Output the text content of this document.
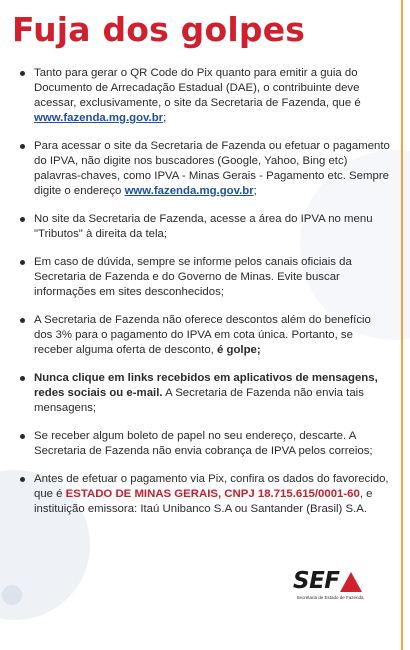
Fuja dos golpes
Tanto para gerar o QR Code do Pix quanto para emitir a guia do Documento de Arrecadação Estadual (DAE), o contribuinte deve acessar, exclusivamente, o site da Secretaria de Fazenda, que é www.fazenda.mg.gov.br;
Para acessar o site da Secretaria de Fazenda ou efetuar o pagamento do IPVA, não digite nos buscadores (Google, Yahoo, Bing etc) palavras-chaves, como IPVA - Minas Gerais - Pagamento etc. Sempre digite o endereço www.fazenda.mg.gov.br;
No site da Secretaria de Fazenda, acesse a área do IPVA no menu "Tributos" à direita da tela;
Em caso de dúvida, sempre se informe pelos canais oficiais da Secretaria de Fazenda e do Governo de Minas. Evite buscar informações em sites desconhecidos;
A Secretaria de Fazenda não oferece descontos além do benefício dos 3% para o pagamento do IPVA em cota única. Portanto, se receber alguma oferta de desconto, é golpe;
Nunca clique em links recebidos em aplicativos de mensagens, redes sociais ou e-mail. A Secretaria de Fazenda não envia tais mensagens;
Se receber algum boleto de papel no seu endereço, descarte. A Secretaria de Fazenda não envia cobrança de IPVA pelos correios;
Antes de efetuar o pagamento via Pix, confira os dados do favorecido, que é ESTADO DE MINAS GERAIS, CNPJ 18.715.615/0001-60, e instituição emissora: Itaú Unibanco S.A ou Santander (Brasil) S.A.
SEF
Secretaria de Estado de Fazenda
